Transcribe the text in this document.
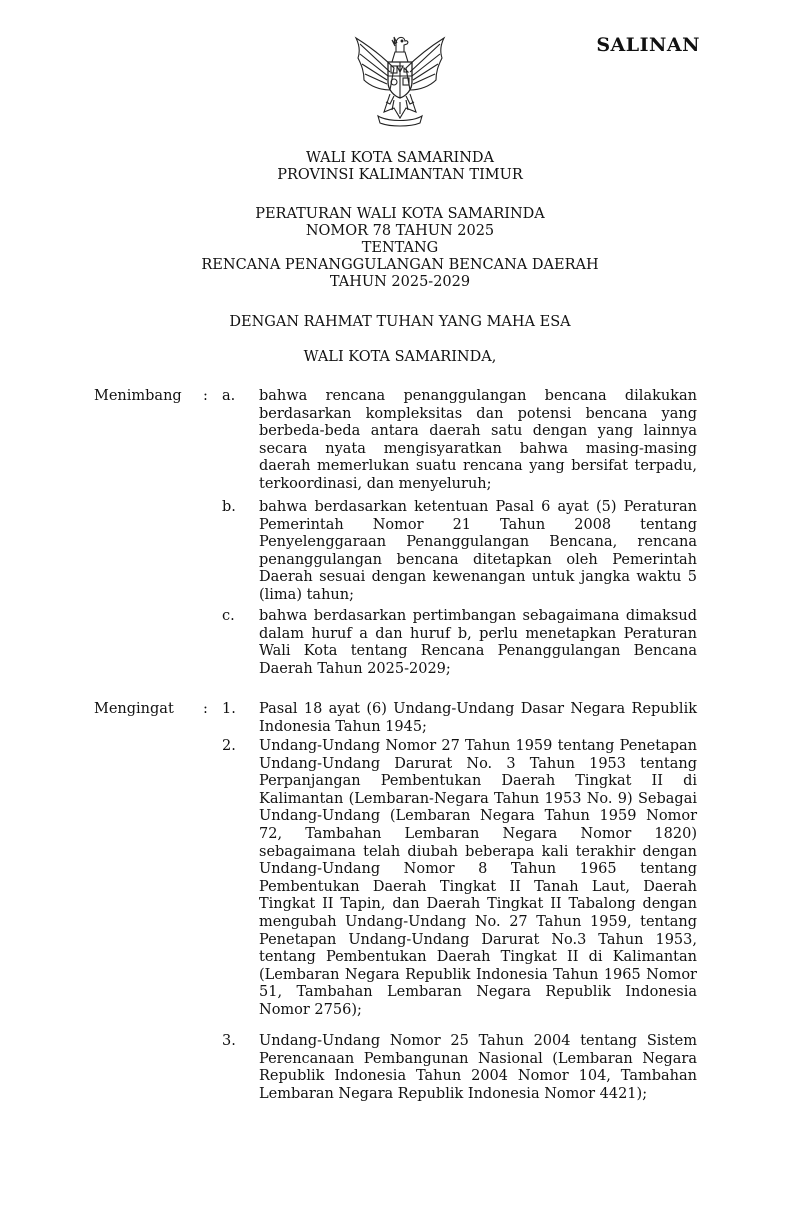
SALINAN
WALI KOTA SAMARINDA
PROVINSI KALIMANTAN TIMUR
PERATURAN WALI KOTA SAMARINDA
NOMOR 78 TAHUN 2025
TENTANG
RENCANA PENANGGULANGAN BENCANA DAERAH
TAHUN 2025-2029
DENGAN RAHMAT TUHAN YANG MAHA ESA
WALI KOTA SAMARINDA,
Menimbang : a. bahwa rencana penanggulangan bencana dilakukan berdasarkan kompleksitas dan potensi bencana yang berbeda-beda antara daerah satu dengan yang lainnya secara nyata mengisyaratkan bahwa masing-masing daerah memerlukan suatu rencana yang bersifat terpadu, terkoordinasi, dan menyeluruh;
b. bahwa berdasarkan ketentuan Pasal 6 ayat (5) Peraturan Pemerintah Nomor 21 Tahun 2008 tentang Penyelenggaraan Penanggulangan Bencana, rencana penanggulangan bencana ditetapkan oleh Pemerintah Daerah sesuai dengan kewenangan untuk jangka waktu 5 (lima) tahun;
c. bahwa berdasarkan pertimbangan sebagaimana dimaksud dalam huruf a dan huruf b, perlu menetapkan Peraturan Wali Kota tentang Rencana Penanggulangan Bencana Daerah Tahun 2025-2029;
Mengingat : 1. Pasal 18 ayat (6) Undang-Undang Dasar Negara Republik Indonesia Tahun 1945;
2. Undang-Undang Nomor 27 Tahun 1959 tentang Penetapan Undang-Undang Darurat No. 3 Tahun 1953 tentang Perpanjangan Pembentukan Daerah Tingkat II di Kalimantan (Lembaran-Negara Tahun 1953 No. 9) Sebagai Undang-Undang (Lembaran Negara Tahun 1959 Nomor 72, Tambahan Lembaran Negara Nomor 1820) sebagaimana telah diubah beberapa kali terakhir dengan Undang-Undang Nomor 8 Tahun 1965 tentang Pembentukan Daerah Tingkat II Tanah Laut, Daerah Tingkat II Tapin, dan Daerah Tingkat II Tabalong dengan mengubah Undang-Undang No. 27 Tahun 1959, tentang Penetapan Undang-Undang Darurat No.3 Tahun 1953, tentang Pembentukan Daerah Tingkat II di Kalimantan (Lembaran Negara Republik Indonesia Tahun 1965 Nomor 51, Tambahan Lembaran Negara Republik Indonesia Nomor 2756);
3. Undang-Undang Nomor 25 Tahun 2004 tentang Sistem Perencanaan Pembangunan Nasional (Lembaran Negara Republik Indonesia Tahun 2004 Nomor 104, Tambahan Lembaran Negara Republik Indonesia Nomor 4421);
